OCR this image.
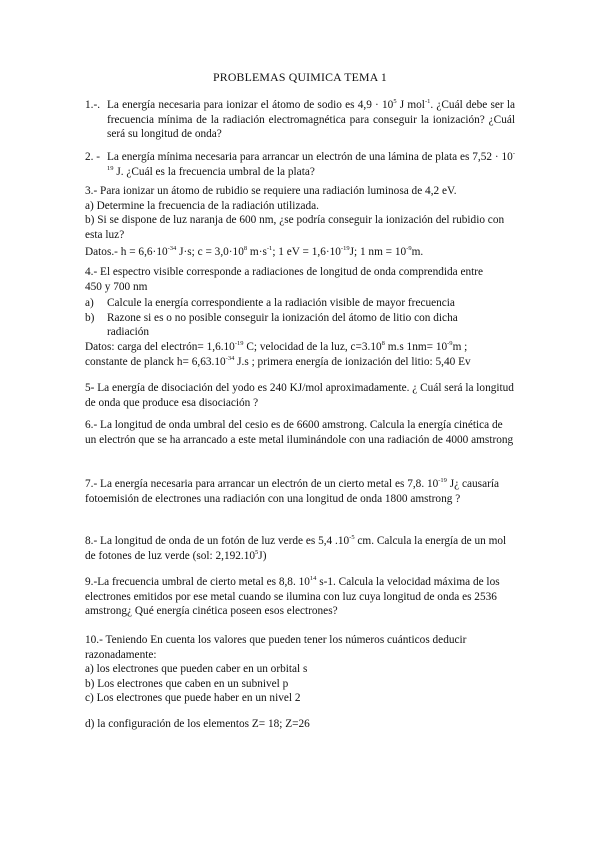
PROBLEMAS QUIMICA TEMA 1
1.-. La energía necesaria para ionizar el átomo de sodio es $4,9 \cdot 10^5$ J mol$^{-1}$. ¿Cuál debe ser la frecuencia mínima de la radiación electromagnética para conseguir la ionización? ¿Cuál será su longitud de onda?
2. - La energía mínima necesaria para arrancar un electrón de una lámina de plata es $7,52 \cdot 10^{-19}$ J. ¿Cuál es la frecuencia umbral de la plata?
3.- Para ionizar un átomo de rubidio se requiere una radiación luminosa de 4,2 eV.
a) Determine la frecuencia de la radiación utilizada.
b) Si se dispone de luz naranja de 600 nm, ¿se podría conseguir la ionización del rubidio con esta luz?
Datos.- $h = 6,6\cdot 10^{-34}$ J·s; $c = 3,0\cdot 10^8$ $m\cdot s^{-1}$; 1 eV = $1,6\cdot 10^{-19}J$; 1 nm = $10^{-9}m$.
4.- El espectro visible corresponde a radiaciones de longitud de onda comprendida entre 450 y 700 nm
a) Calcule la energía correspondiente a la radiación visible de mayor frecuencia
b) Razone si es o no posible conseguir la ionización del átomo de litio con dicha radiación
Datos: carga del electrón= $1,6.10^{-19}$ C; velocidad de la luz, $c=3.10^8$ m.s $1nm= 10^{-9}m$ ;
constante de planck $h= 6,63.10^{-34}$ J.s ; primera energía de ionización del litio: 5,40 Ev
5- La energía de disociación del yodo es 240 KJ/mol aproximadamente. ¿ Cuál será la longitud de onda que produce esa disociación ?
6.- La longitud de onda umbral del cesio es de 6600 amstrong. Calcula la energía cinética de un electrón que se ha arrancado a este metal iluminándole con una radiación de 4000 amstrong
7.- La energía necesaria para arrancar un electrón de un cierto metal es 7,8. $10^{-19}$ J¿ causaría fotoemisión de electrones una radiación con una longitud de onda 1800 amstrong ?
8.- La longitud de onda de un fotón de luz verde es 5,4 $.10^{-5}$ cm. Calcula la energía de un mol de fotones de luz verde (sol: 2,192.10$^5$J)
9.-La frecuencia umbral de cierto metal es 8,8. $10^{14}$ s-1. Calcula la velocidad máxima de los electrones emitidos por ese metal cuando se ilumina con luz cuya longitud de onda es 2536 amstrong¿ Qué energía cinética poseen esos electrones?
10.- Teniendo En cuenta los valores que pueden tener los números cuánticos deducir razonadamente:
a) los electrones que pueden caber en un orbital s
b) Los electrones que caben en un subnivel p
c) Los electrones que puede haber en un nivel 2
d) la configuración de los elementos Z= 18; Z=26
